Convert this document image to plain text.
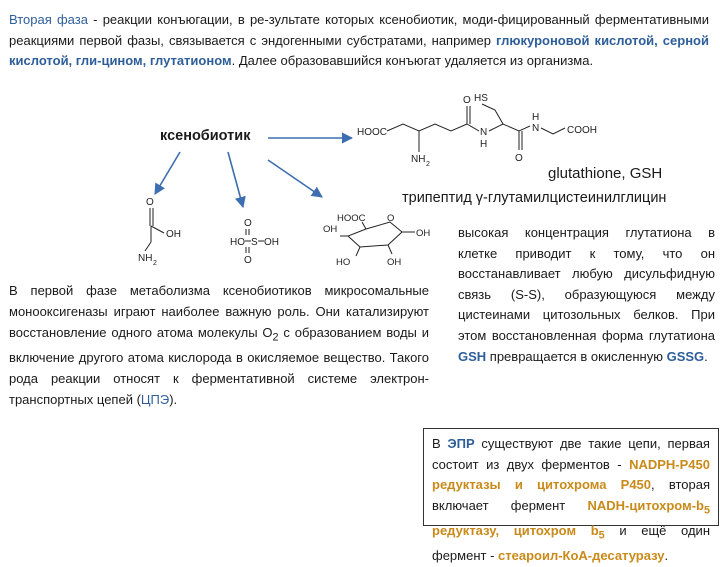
Вторая фаза - реакции конъюгации, в ре-зультате которых ксенобиотик, моди-фицированный ферментативными реакциями первой фазы, связывается с эндогенными субстратами, например глюкуроновой кислотой, серной кислотой, гли-цином, глутатионом. Далее образовавшийся конъюгат удаляется из организма.
HOOC
NH 2
O
N
H
HS
O
N
H
COOH
O
OH
NH 2
O
HO S OH
O
HOOC O
OH
OH
HO	OH
ксенобиотик
glutathione, GSH
трипептид γ-глутамилцистеинилглицин
В первой фазе метаболизма ксенобиотиков микросомальные монооксигеназы играют наиболее важную роль. Они катализируют восстановление одного атома молекулы $O_2$ с образованием воды и включение другого атома кислорода в окисляемое вещество. Такого рода реакции относят к ферментативной системе электрон-транспортных цепей (ЦПЭ).
высокая концентрация глутатиона в клетке приводит к тому, что он восстанавливает любую дисульфидную связь (S-S), образующуюся между цистеинами цитозольных белков. При этом восстановленная форма глутатиона GSH превращается в окисленную GSSG.
В ЭПР существуют две такие цепи, первая состоит из двух ферментов - NADPH-P450 редуктазы и цитохрома P450, вторая включает фермент NADH-$цитохром-b_5$ редуктазу, цитохром $b_5$ и ещё один фермент - стеароил-КоА-десатуразу.
